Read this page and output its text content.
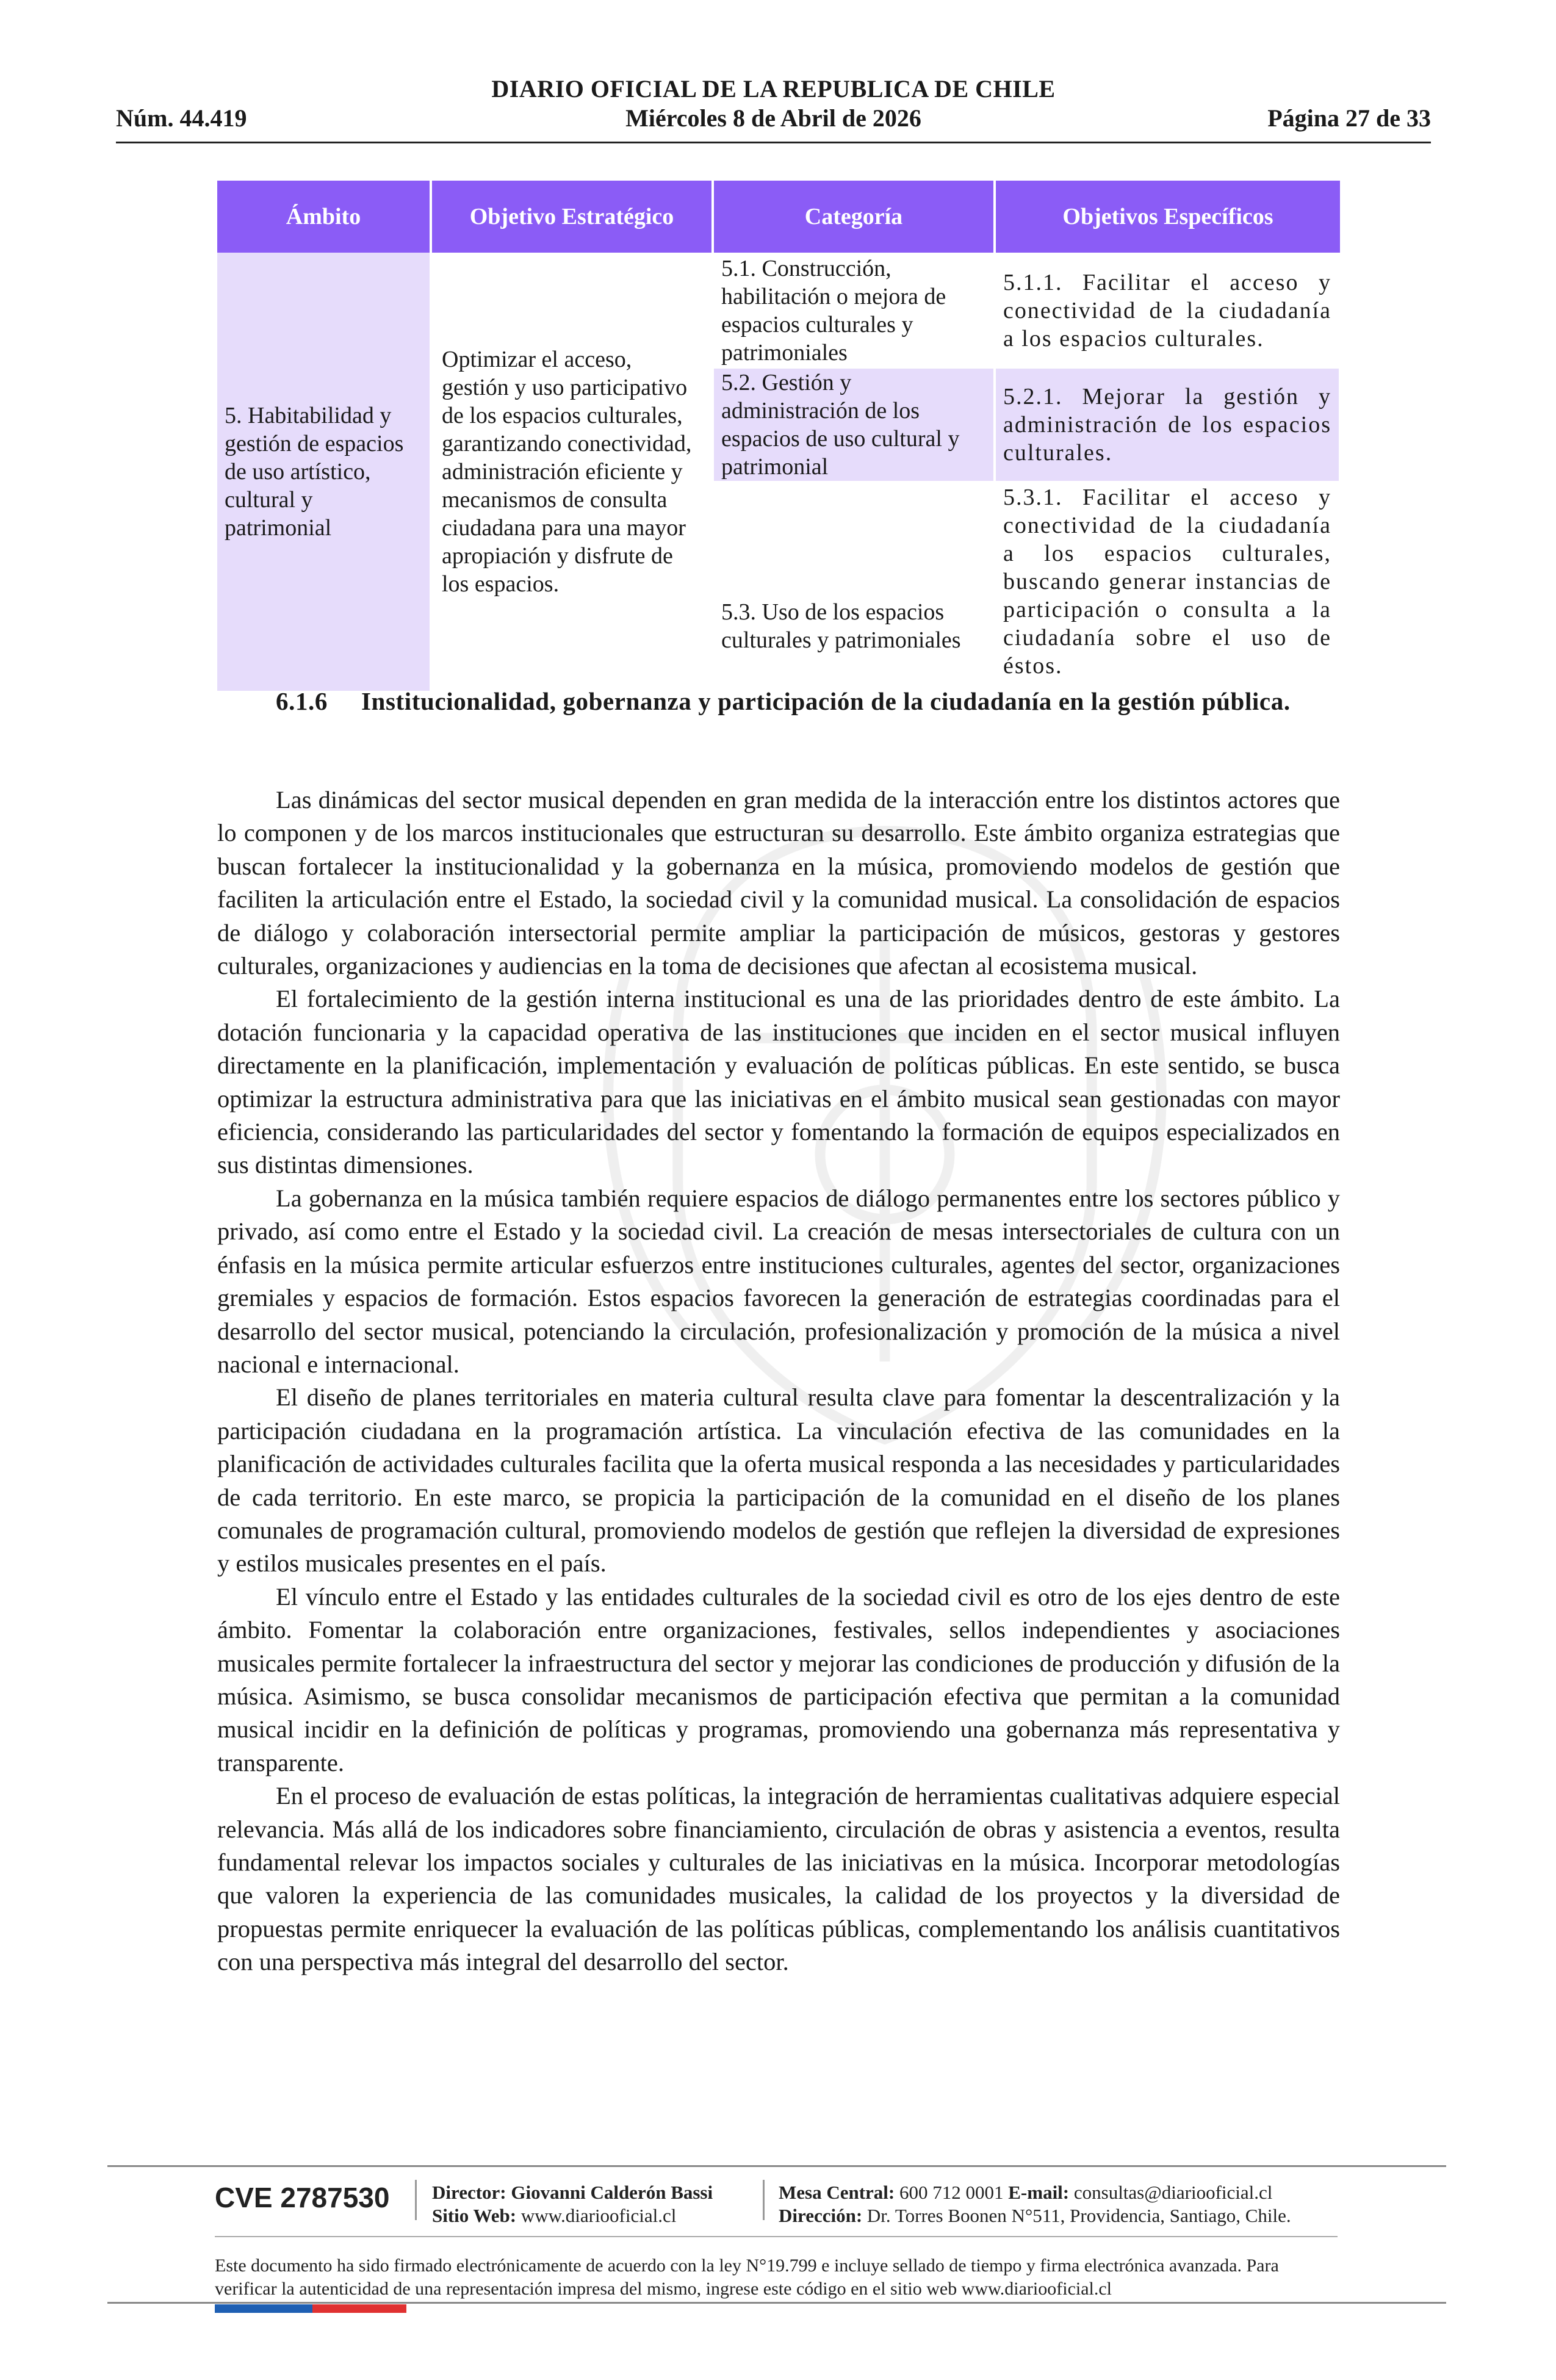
DIARIO OFICIAL DE LA REPUBLICA DE CHILE
Núm. 44.419	Miércoles 8 de Abril de 2026	Página 27 de 33
Ámbito	Objetivo Estratégico	Categoría	Objetivos Específicos
5. Habitabilidad y gestión de espacios de uso artístico, cultural y patrimonial	Optimizar el acceso, gestión y uso participativo de los espacios culturales, garantizando conectividad, administración eficiente y mecanismos de consulta ciudadana para una mayor apropiación y disfrute de los espacios.	5.1. Construcción, habilitación o mejora de espacios culturales y patrimoniales	5.1.1. Facilitar el acceso y conectividad de la ciudadanía a los espacios culturales.
		5.2. Gestión y administración de los espacios de uso cultural y patrimonial	5.2.1. Mejorar la gestión y administración de los espacios culturales.
		5.3. Uso de los espacios culturales y patrimoniales	5.3.1. Facilitar el acceso y conectividad de la ciudadanía a los espacios culturales, buscando generar instancias de participación o consulta a la ciudadanía sobre el uso de éstos.
6.1.6 Institucionalidad, gobernanza y participación de la ciudadanía en la gestión pública.

Las dinámicas del sector musical dependen en gran medida de la interacción entre los distintos actores que lo componen y de los marcos institucionales que estructuran su desarrollo. Este ámbito organiza estrategias que buscan fortalecer la institucionalidad y la gobernanza en la música, promoviendo modelos de gestión que faciliten la articulación entre el Estado, la sociedad civil y la comunidad musical. La consolidación de espacios de diálogo y colaboración intersectorial permite ampliar la participación de músicos, gestoras y gestores culturales, organizaciones y audiencias en la toma de decisiones que afectan al ecosistema musical.

El fortalecimiento de la gestión interna institucional es una de las prioridades dentro de este ámbito. La dotación funcionaria y la capacidad operativa de las instituciones que inciden en el sector musical influyen directamente en la planificación, implementación y evaluación de políticas públicas. En este sentido, se busca optimizar la estructura administrativa para que las iniciativas en el ámbito musical sean gestionadas con mayor eficiencia, considerando las particularidades del sector y fomentando la formación de equipos especializados en sus distintas dimensiones.

La gobernanza en la música también requiere espacios de diálogo permanentes entre los sectores público y privado, así como entre el Estado y la sociedad civil. La creación de mesas intersectoriales de cultura con un énfasis en la música permite articular esfuerzos entre instituciones culturales, agentes del sector, organizaciones gremiales y espacios de formación. Estos espacios favorecen la generación de estrategias coordinadas para el desarrollo del sector musical, potenciando la circulación, profesionalización y promoción de la música a nivel nacional e internacional.

El diseño de planes territoriales en materia cultural resulta clave para fomentar la descentralización y la participación ciudadana en la programación artística. La vinculación efectiva de las comunidades en la planificación de actividades culturales facilita que la oferta musical responda a las necesidades y particularidades de cada territorio. En este marco, se propicia la participación de la comunidad en el diseño de los planes comunales de programación cultural, promoviendo modelos de gestión que reflejen la diversidad de expresiones y estilos musicales presentes en el país.

El vínculo entre el Estado y las entidades culturales de la sociedad civil es otro de los ejes dentro de este ámbito. Fomentar la colaboración entre organizaciones, festivales, sellos independientes y asociaciones musicales permite fortalecer la infraestructura del sector y mejorar las condiciones de producción y difusión de la música. Asimismo, se busca consolidar mecanismos de participación efectiva que permitan a la comunidad musical incidir en la definición de políticas y programas, promoviendo una gobernanza más representativa y transparente.

En el proceso de evaluación de estas políticas, la integración de herramientas cualitativas adquiere especial relevancia. Más allá de los indicadores sobre financiamiento, circulación de obras y asistencia a eventos, resulta fundamental relevar los impactos sociales y culturales de las iniciativas en la música. Incorporar metodologías que valoren la experiencia de las comunidades musicales, la calidad de los proyectos y la diversidad de propuestas permite enriquecer la evaluación de las políticas públicas, complementando los análisis cuantitativos con una perspectiva más integral del desarrollo del sector.

CVE 2787530 Director: Giovanni Calderón Bassi
Sitio Web: www.diariooficial.cl
Mesa Central: 600 712 0001 E-mail: consultas@diariooficial.cl
Dirección: Dr. Torres Boonen N°511, Providencia, Santiago, Chile.
Este documento ha sido firmado electrónicamente de acuerdo con la ley N°19.799 e incluye sellado de tiempo y firma electrónica avanzada. Para verificar la autenticidad de una representación impresa del mismo, ingrese este código en el sitio web www.diariooficial.cl
